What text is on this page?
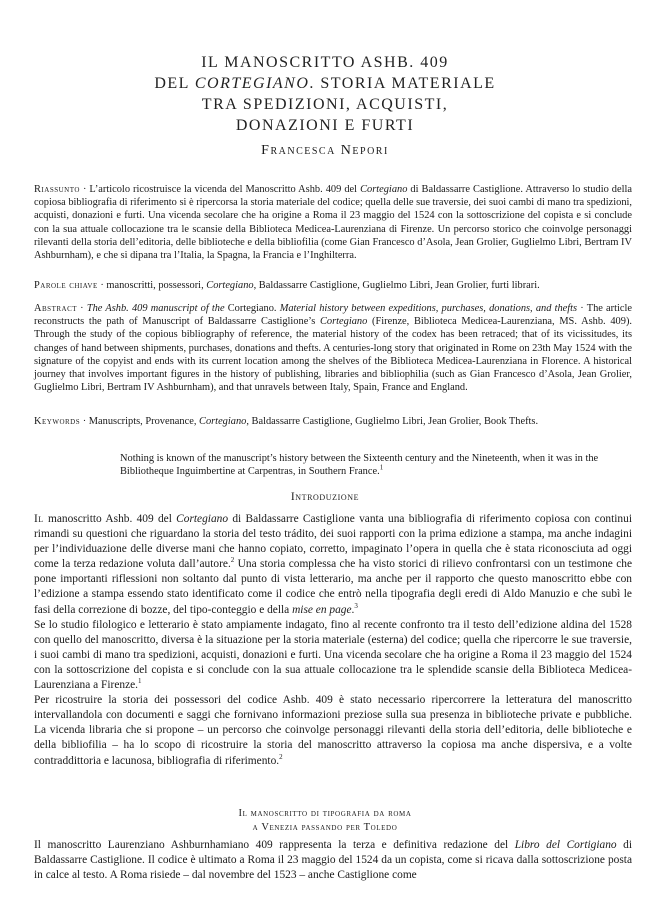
IL MANOSCRITTO ASHB. 409
DEL CORTEGIANO. STORIA MATERIALE
TRA SPEDIZIONI, ACQUISTI,
DONAZIONI E FURTI
Francesca Nepori
Riassunto · L’articolo ricostruisce la vicenda del Manoscritto Ashb. 409 del Cortegiano di Baldassarre Castiglione. Attraverso lo studio della copiosa bibliografia di riferimento si è ripercorsa la storia materiale del codice; quella delle sue traversie, dei suoi cambi di mano tra spedizioni, acquisti, donazioni e furti. Una vicenda secolare che ha origine a Roma il 23 maggio del 1524 con la sottoscrizione del copista e si conclude con la sua attuale collocazione tra le scansie della Biblioteca Medicea-Laurenziana di Firenze. Un percorso storico che coinvolge personaggi rilevanti della storia dell’editoria, delle biblioteche e della bibliofilia (come Gian Francesco d’Asola, Jean Grolier, Guglielmo Libri, Bertram IV Ashburnham), e che si dipana tra l’Italia, la Spagna, la Francia e l’Inghilterra.
Parole chiave · manoscritti, possessori, Cortegiano, Baldassarre Castiglione, Guglielmo Libri, Jean Grolier, furti librari.
Abstract · The Ashb. 409 manuscript of the Cortegiano. Material history between expeditions, purchases, donations, and thefts · The article reconstructs the path of Manuscript of Baldassarre Castiglione’s Cortegiano (Firenze, Biblioteca Medicea-Laurenziana, MS. Ashb. 409). Through the study of the copious bibliography of reference, the material history of the codex has been retraced; that of its vicissitudes, its changes of hand between shipments, purchases, donations and thefts. A centuries-long story that originated in Rome on 23th May 1524 with the signature of the copyist and ends with its current location among the shelves of the Biblioteca Medicea-Laurenziana in Florence. A historical journey that involves important figures in the history of publishing, libraries and bibliophilia (such as Gian Francesco d’Asola, Jean Grolier, Guglielmo Libri, Bertram IV Ashburnham), and that unravels between Italy, Spain, France and England.
Keywords · Manuscripts, Provenance, Cortegiano, Baldassarre Castiglione, Guglielmo Libri, Jean Grolier, Book Thefts.
Nothing is known of the manuscript’s history between the Sixteenth century and the Nineteenth, when it was in the Bibliotheque Inguimbertine at Carpentras, in Southern France.$^1$
Introduzione

Il manoscritto Ashb. 409 del Cortegiano di Baldassarre Castiglione vanta una bibliografia di riferimento copiosa con continui rimandi su questioni che riguardano la storia del testo trádito, dei suoi rapporti con la prima edizione a stampa, ma anche indagini per l’individuazione delle diverse mani che hanno copiato, corretto, impaginato l’opera in quella che è stata riconosciuta ad oggi come la terza redazione voluta dall’autore.$^2$ Una storia complessa che ha visto storici di rilievo confrontarsi con un testimone che pone importanti riflessioni non soltanto dal punto di vista letterario, ma anche per il rapporto che questo manoscritto ebbe con l’edizione a stampa essendo stato identificato come il codice che entrò nella tipografia degli eredi di Aldo Manuzio e che subì le fasi della correzione di bozze, del tipo-conteggio e della mise en page.$^3$

Se lo studio filologico e letterario è stato ampiamente indagato, fino al recente confronto tra il testo dell’edizione aldina del 1528 con quello del manoscritto, diversa è la situazione per la storia materiale (esterna) del codice; quella che ripercorre le sue traversie, i suoi cambi di mano tra spedizioni, acquisti, donazioni e furti. Una vicenda secolare che ha origine a Roma il 23 maggio del 1524 con la sottoscrizione del copista e si conclude con la sua attuale collocazione tra le splendide scansie della Biblioteca Medicea-Laurenziana a Firenze.$^1$

Per ricostruire la storia dei possessori del codice Ashb. 409 è stato necessario ripercorrere la letteratura del manoscritto intervallandola con documenti e saggi che fornivano informazioni preziose sulla sua presenza in biblioteche private e pubbliche. La vicenda libraria che si propone – un percorso che coinvolge personaggi rilevanti della storia dell’editoria, delle biblioteche e della bibliofilia – ha lo scopo di ricostruire la storia del manoscritto attraverso la copiosa ma anche dispersiva, e a volte contraddittoria e lacunosa, bibliografia di riferimento.$^2$

Il manoscritto di tipografia da roma
a Venezia passando per Toledo

Il manoscritto Laurenziano Ashburnhamiano 409 rappresenta la terza e definitiva redazione del Libro del Cortigiano di Baldassarre Castiglione. Il codice è ultimato a Roma il 23 maggio del 1524 da un copista, come si ricava dalla sottoscrizione posta in calce al testo. A Roma risiede – dal novembre del 1523 – anche Castiglione come
